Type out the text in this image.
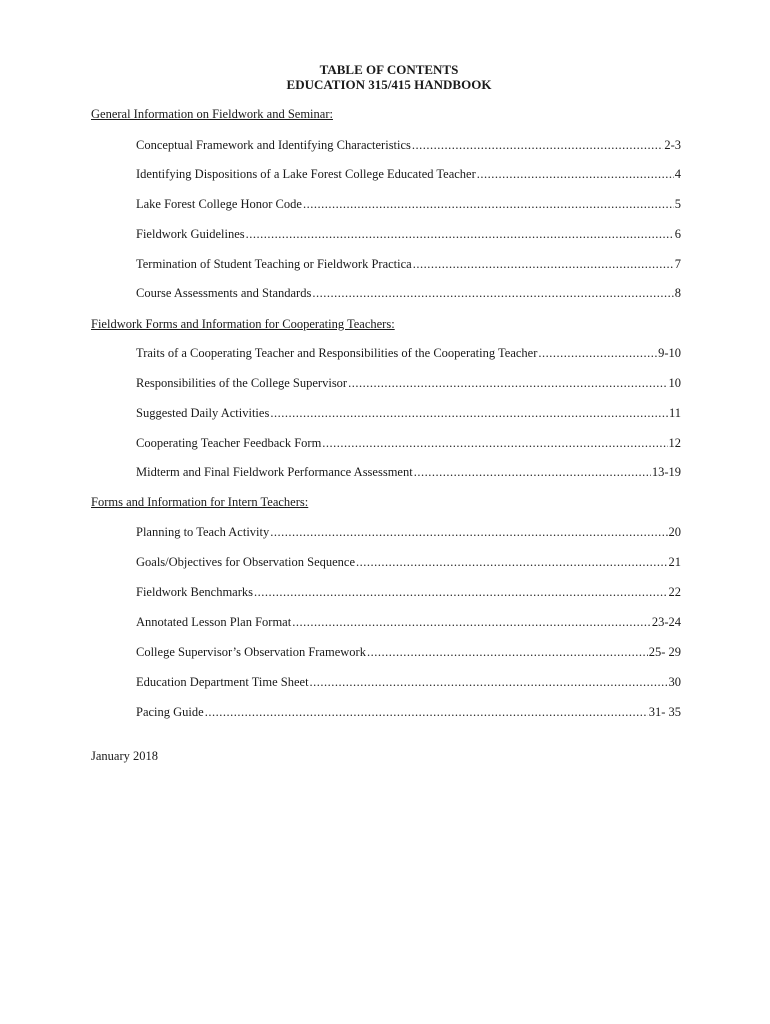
TABLE OF CONTENTS
EDUCATION 315/415 HANDBOOK
General Information on Fieldwork and Seminar:
Conceptual Framework and Identifying Characteristics .....	2-3
Identifying Dispositions of a Lake Forest College Educated Teacher .....	4
Lake Forest College Honor Code .....	5
Fieldwork Guidelines .....	6
Termination of Student Teaching or Fieldwork Practica .....	7
Course Assessments and Standards .....	8
Fieldwork Forms and Information for Cooperating Teachers:
Traits of a Cooperating Teacher and Responsibilities of the Cooperating Teacher .....	9-10
Responsibilities of the College Supervisor .....	10
Suggested Daily Activities .....	11
Cooperating Teacher Feedback Form .....	12
Midterm and Final Fieldwork Performance Assessment .....	13-19
Forms and Information for Intern Teachers:
Planning to Teach Activity .....	20
Goals/Objectives for Observation Sequence .....	21
Fieldwork Benchmarks .....	22
Annotated Lesson Plan Format .....	23-24
College Supervisor’s Observation Framework .....	25- 29
Education Department Time Sheet .....	30
Pacing Guide .....	31- 35
January 2018
